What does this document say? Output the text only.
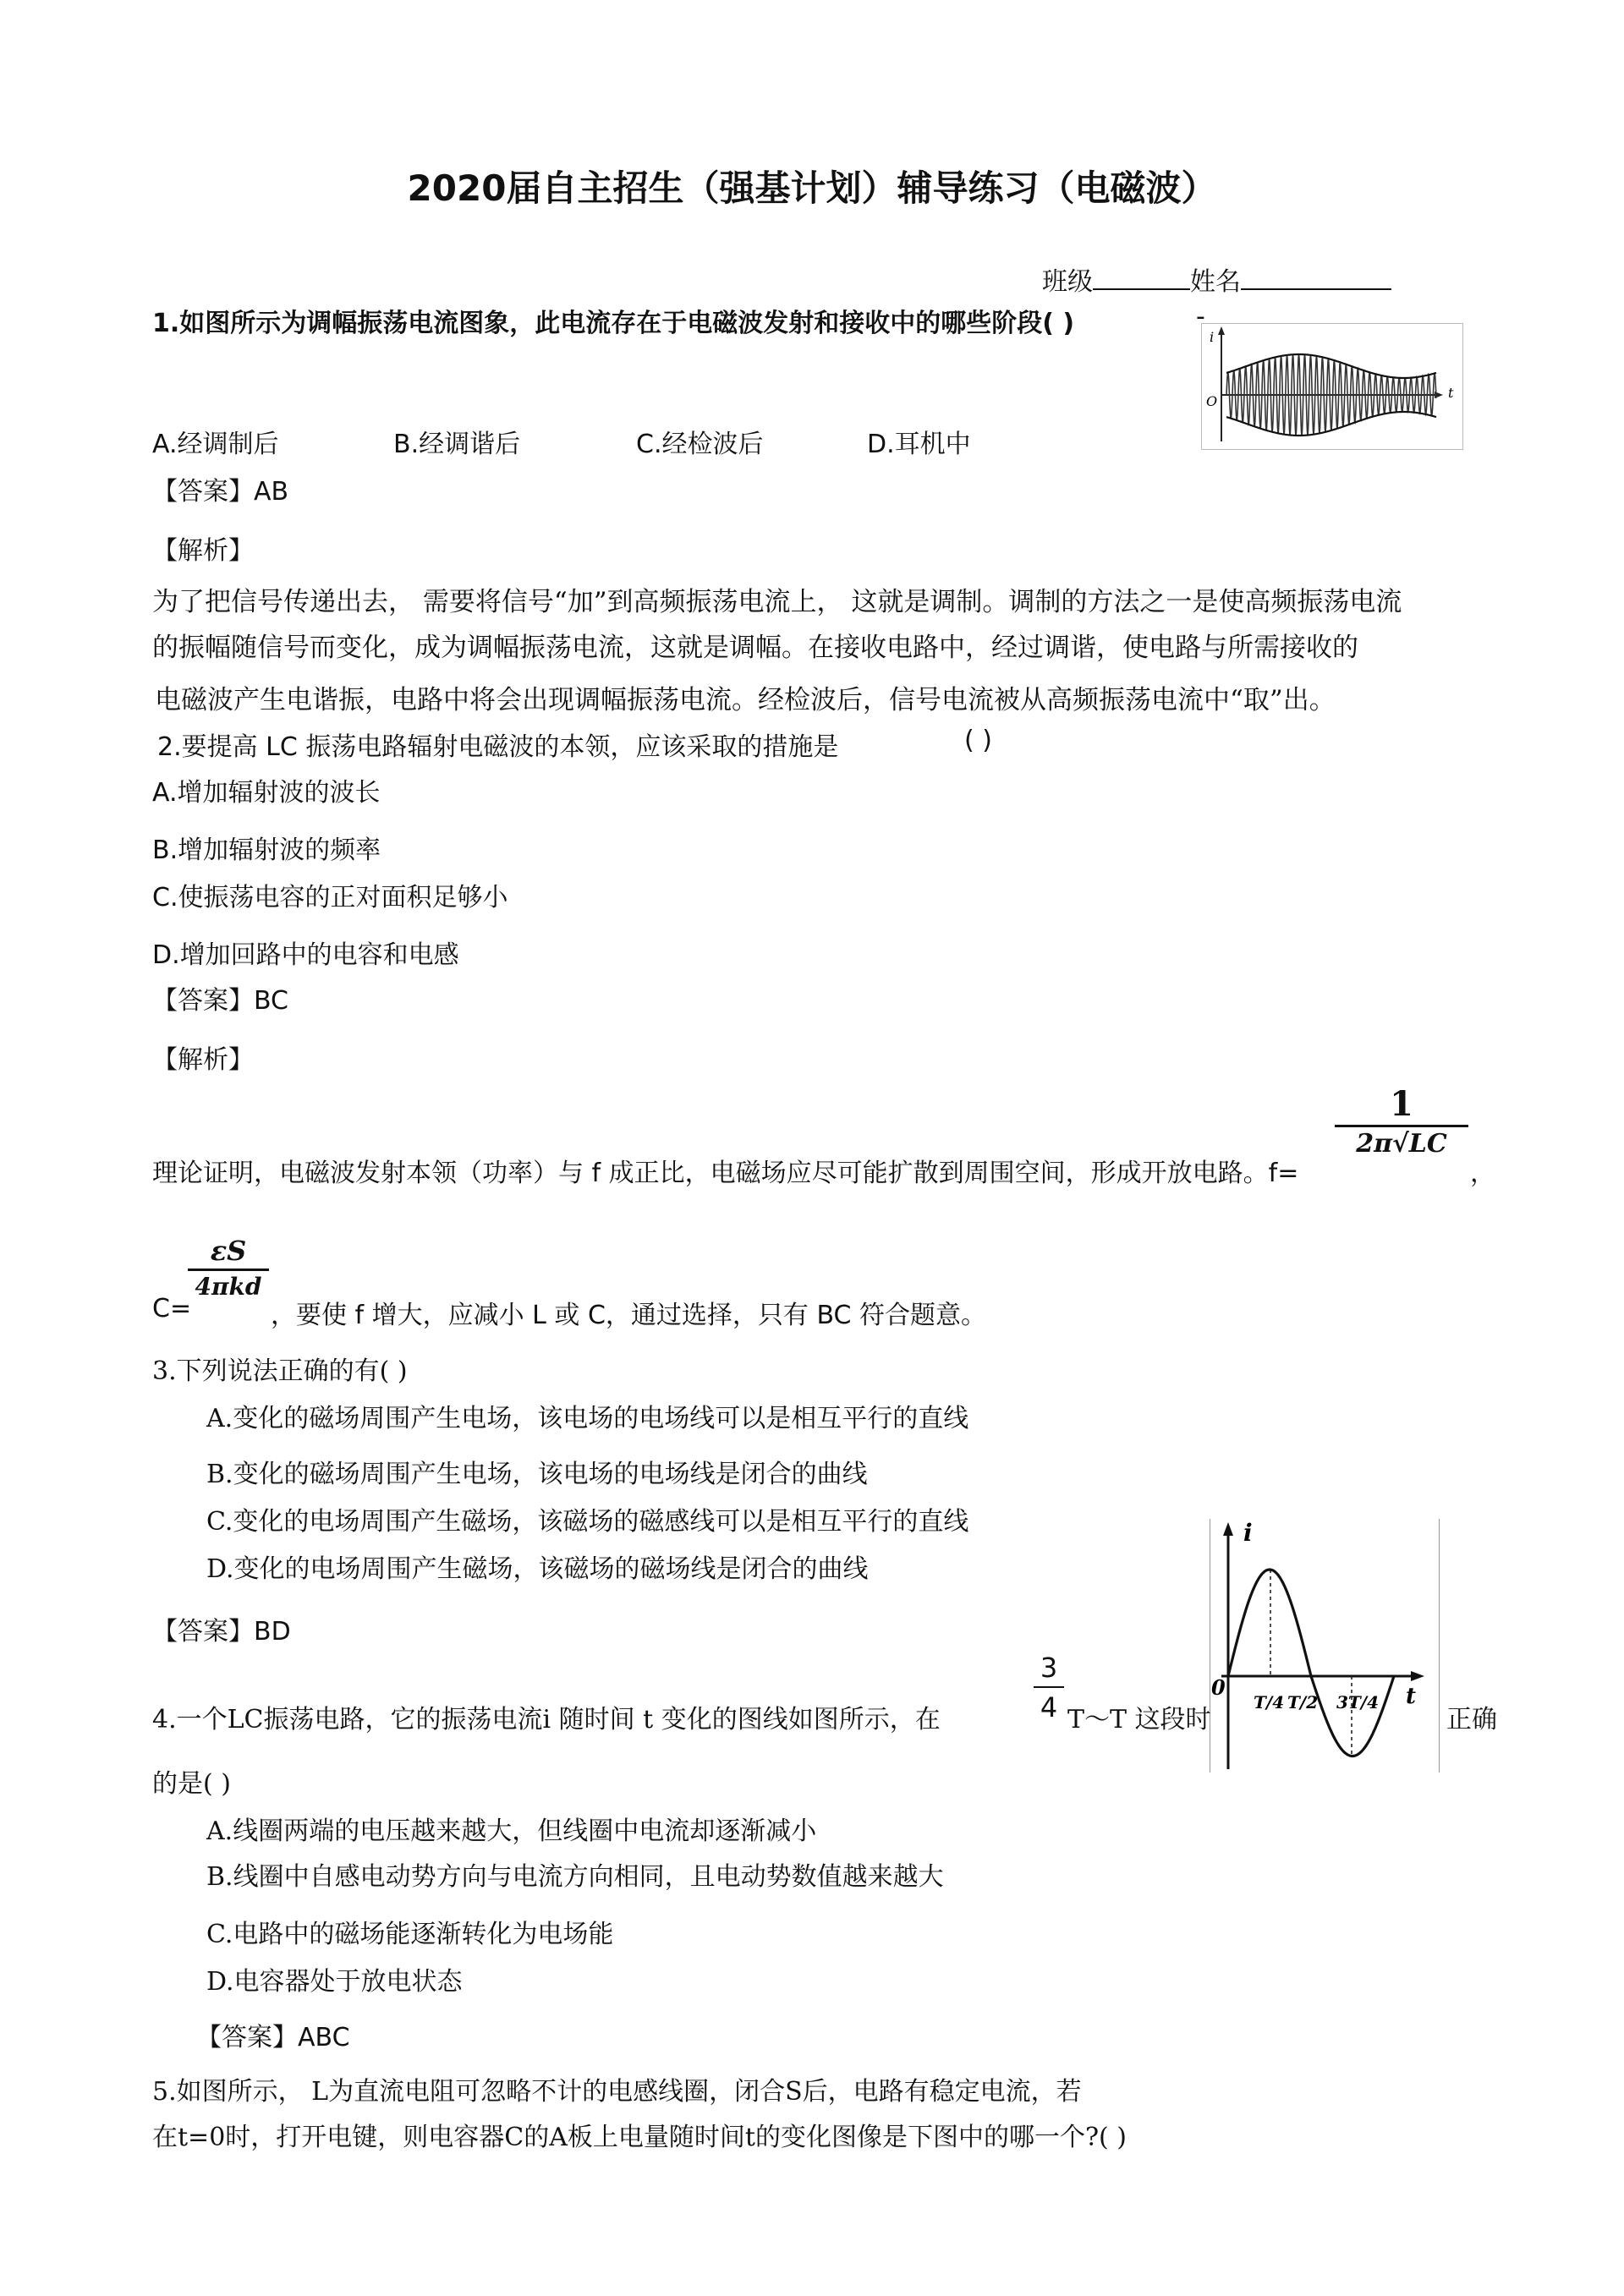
2020届自主招生（强基计划）辅导练习（电磁波）
班级	姓名
1.如图所示为调幅振荡电流图象，此电流存在于电磁波发射和接收中的哪些阶段( )	-
i
t
O
A.经调制后	B.经调谐后	C.经检波后	D.耳机中
【答案】AB
【解析】
为了把信号传递出去， 需要将信号“加”到高频振荡电流上， 这就是调制。调制的方法之一是使高频振荡电流
的振幅随信号而变化，成为调幅振荡电流，这就是调幅。在接收电路中，经过调谐，使电路与所需接收的
电磁波产生电谐振，电路中将会出现调幅振荡电流。经检波后，信号电流被从高频振荡电流中“取”出。
2.要提高 LC 振荡电路辐射电磁波的本领，应该采取的措施是	( )
A.增加辐射波的波长
B.增加辐射波的频率
C.使振荡电容的正对面积足够小
D.增加回路中的电容和电感
【答案】BC
【解析】
理论证明，电磁波发射本领（功率）与 f 成正比，电磁场应尽可能扩散到周围空间，形成开放电路。f=
1
2π√LC
，
C=
εS
4πkd
，要使 f 增大，应减小 L 或 C，通过选择，只有 BC 符合题意。
3.下列说法正确的有( )
A.变化的磁场周围产生电场，该电场的电场线可以是相互平行的直线
B.变化的磁场周围产生电场，该电场的电场线是闭合的曲线
C.变化的电场周围产生磁场，该磁场的磁感线可以是相互平行的直线
D.变化的电场周围产生磁场，该磁场的磁场线是闭合的曲线
【答案】BD
i
t
0
T/4 T/2 3T/4
4.一个LC振荡电路，它的振荡电流i 随时间 t 变化的图线如图所示，在	$\frac{3}{4}$ T～T 这段时	正确
的是( )
A.线圈两端的电压越来越大，但线圈中电流却逐渐减小
B.线圈中自感电动势方向与电流方向相同，且电动势数值越来越大
C.电路中的磁场能逐渐转化为电场能
D.电容器处于放电状态
【答案】ABC
5.如图所示， L为直流电阻可忽略不计的电感线圈，闭合S后，电路有稳定电流，若
在t=0时，打开电键，则电容器C的A板上电量随时间t的变化图像是下图中的哪一个?( )
